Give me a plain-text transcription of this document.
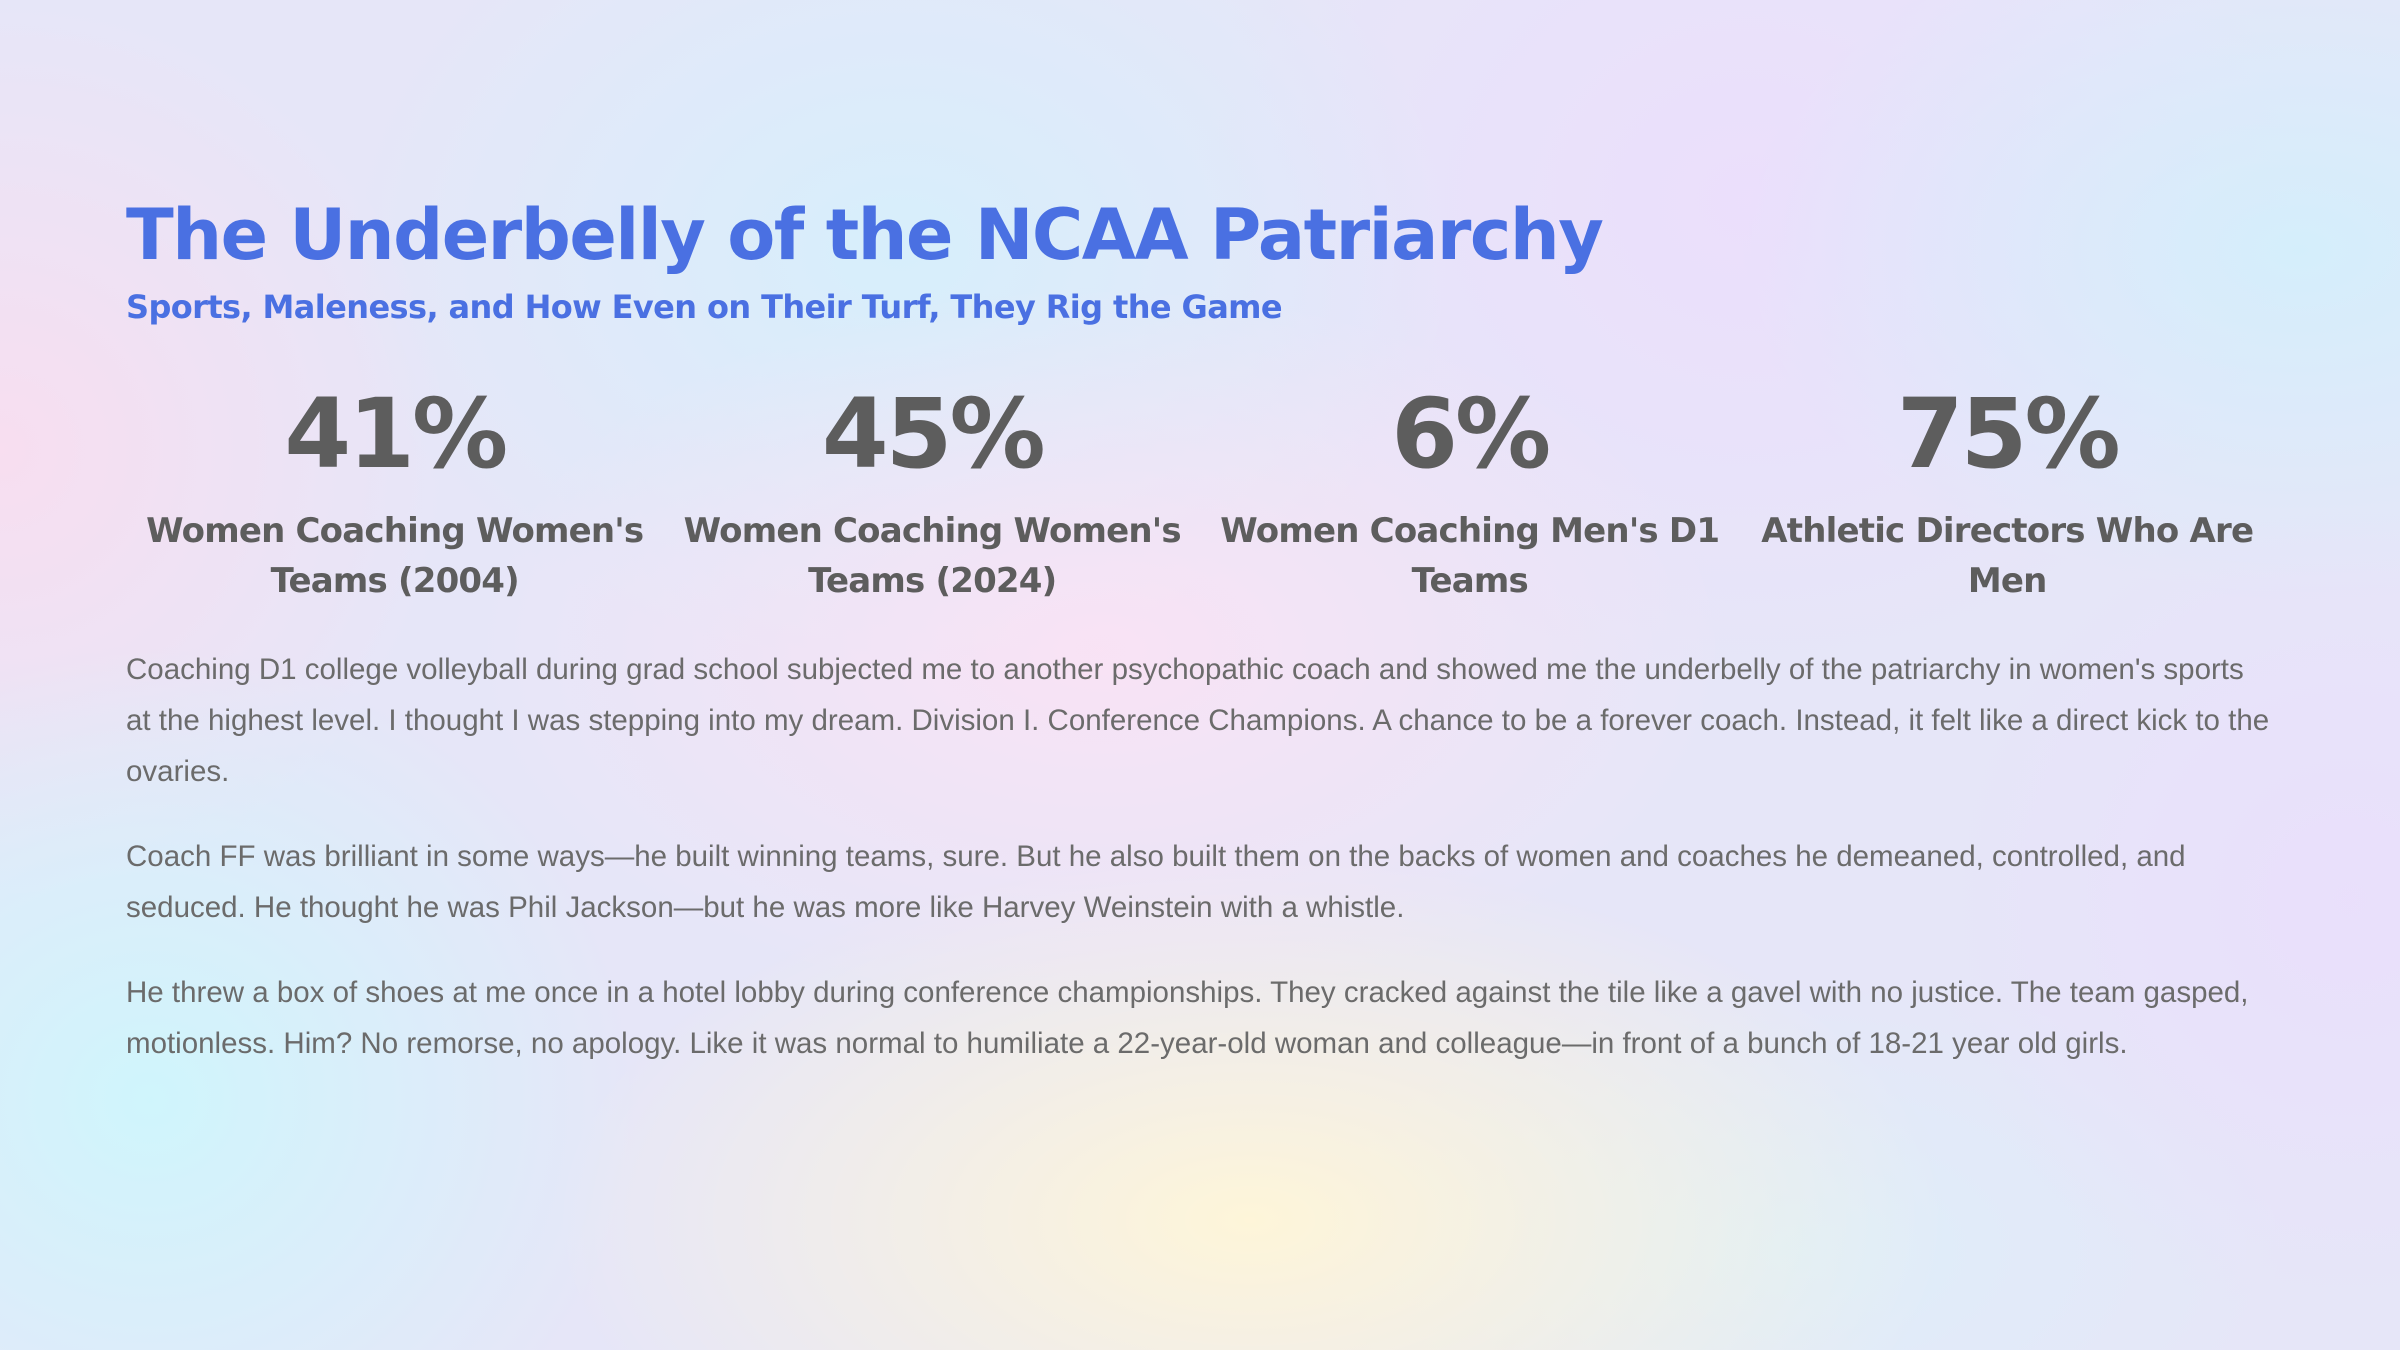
The Underbelly of the NCAA Patriarchy
Sports, Maleness, and How Even on Their Turf, They Rig the Game
41%
Women Coaching Women's Teams (2004)
45%
Women Coaching Women's Teams (2024)
6%
Women Coaching Men's D1 Teams
75%
Athletic Directors Who Are Men

Coaching D1 college volleyball during grad school subjected me to another psychopathic coach and showed me the underbelly of the patriarchy in women's sports at the highest level. I thought I was stepping into my dream. Division I. Conference Champions. A chance to be a forever coach. Instead, it felt like a direct kick to the ovaries.

Coach FF was brilliant in some ways—he built winning teams, sure. But he also built them on the backs of women and coaches he demeaned, controlled, and seduced. He thought he was Phil Jackson—but he was more like Harvey Weinstein with a whistle.

He threw a box of shoes at me once in a hotel lobby during conference championships. They cracked against the tile like a gavel with no justice. The team gasped, motionless. Him? No remorse, no apology. Like it was normal to humiliate a 22-year-old woman and colleague—in front of a bunch of 18-21 year old girls.
